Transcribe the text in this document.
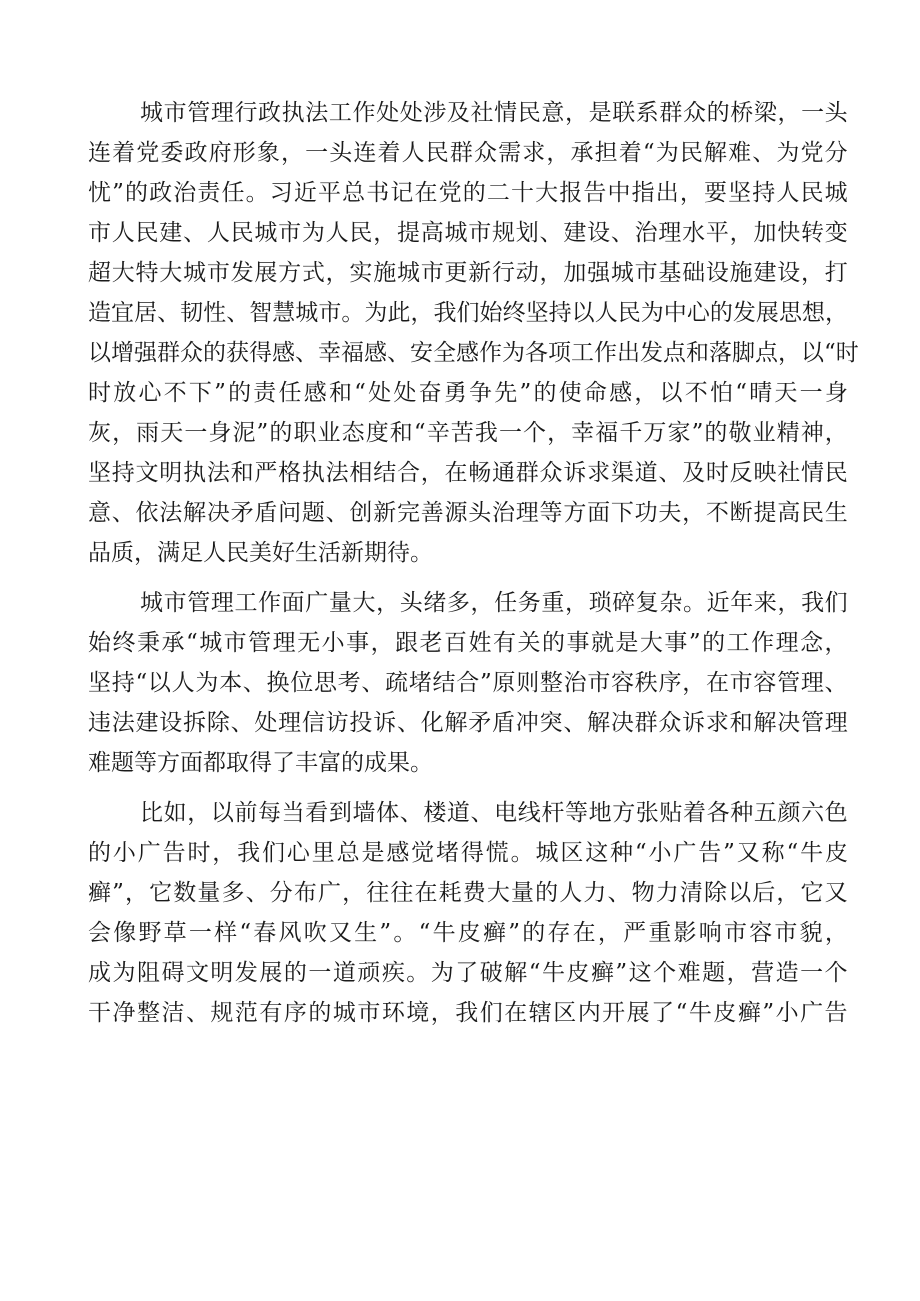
城 市 管 理 行 政 执 法 工 作 处 处 涉 及 社 情 民 意 ， 是 联 系 群 众 的 桥 梁 ， 一 头
连 着 党 委 政 府 形 象 ， 一 头 连 着 人 民 群 众 需 求 ， 承 担 着 “ 为 民 解 难 、 为 党 分
忧 ” 的 政 治 责 任 。 习 近 平 总 书 记 在 党 的 二 十 大 报 告 中 指 出 ， 要 坚 持 人 民 城
市 人 民 建 、 人 民 城 市 为 人 民 ， 提 高 城 市 规 划 、 建 设 、 治 理 水 平 ， 加 快 转 变
超 大 特 大 城 市 发 展 方 式 ， 实 施 城 市 更 新 行 动 ， 加 强 城 市 基 础 设 施 建 设 ， 打
造 宜 居 、 韧 性 、 智 慧 城 市 。 为 此 ， 我 们 始 终 坚 持 以 人 民 为 中 心 的 发 展 思 想 ，
以 增 强 群 众 的 获 得 感 、 幸 福 感 、 安 全 感 作 为 各 项 工 作 出 发 点 和 落 脚 点 ， 以 “ 时
时 放 心 不 下 ” 的 责 任 感 和 “ 处 处 奋 勇 争 先 ” 的 使 命 感 ， 以 不 怕 “ 晴 天 一 身
灰 ， 雨 天 一 身 泥 ” 的 职 业 态 度 和 “ 辛 苦 我 一 个 ， 幸 福 千 万 家 ” 的 敬 业 精 神 ，
坚 持 文 明 执 法 和 严 格 执 法 相 结 合 ， 在 畅 通 群 众 诉 求 渠 道 、 及 时 反 映 社 情 民
意 、 依 法 解 决 矛 盾 问 题 、 创 新 完 善 源 头 治 理 等 方 面 下 功 夫 ， 不 断 提 高 民 生
品质，满足人民美好生活新期待。
城 市 管 理 工 作 面 广 量 大 ， 头 绪 多 ， 任 务 重 ， 琐 碎 复 杂 。 近 年 来 ， 我 们
始 终 秉 承 “ 城 市 管 理 无 小 事 ， 跟 老 百 姓 有 关 的 事 就 是 大 事 ” 的 工 作 理 念 ，
坚 持 “ 以 人 为 本 、 换 位 思 考 、 疏 堵 结 合 ” 原 则 整 治 市 容 秩 序 ， 在 市 容 管 理 、
违 法 建 设 拆 除 、 处 理 信 访 投 诉 、 化 解 矛 盾 冲 突 、 解 决 群 众 诉 求 和 解 决 管 理
难题等方面都取得了丰富的成果。
比 如 ， 以 前 每 当 看 到 墙 体 、 楼 道 、 电 线 杆 等 地 方 张 贴 着 各 种 五 颜 六 色
的 小 广 告 时 ， 我 们 心 里 总 是 感 觉 堵 得 慌 。 城 区 这 种 “ 小 广 告 ” 又 称 “ 牛 皮
癣 ” ， 它 数 量 多 、 分 布 广 ， 往 往 在 耗 费 大 量 的 人 力 、 物 力 清 除 以 后 ， 它 又
会 像 野 草 一 样 “ 春 风 吹 又 生 ” 。 “ 牛 皮 癣 ” 的 存 在 ， 严 重 影 响 市 容 市 貌 ，
成 为 阻 碍 文 明 发 展 的 一 道 顽 疾 。 为 了 破 解 “ 牛 皮 癣 ” 这 个 难 题 ， 营 造 一 个
干 净 整 洁 、 规 范 有 序 的 城 市 环 境 ， 我 们 在 辖 区 内 开 展 了 “ 牛 皮 癣 ” 小 广 告
